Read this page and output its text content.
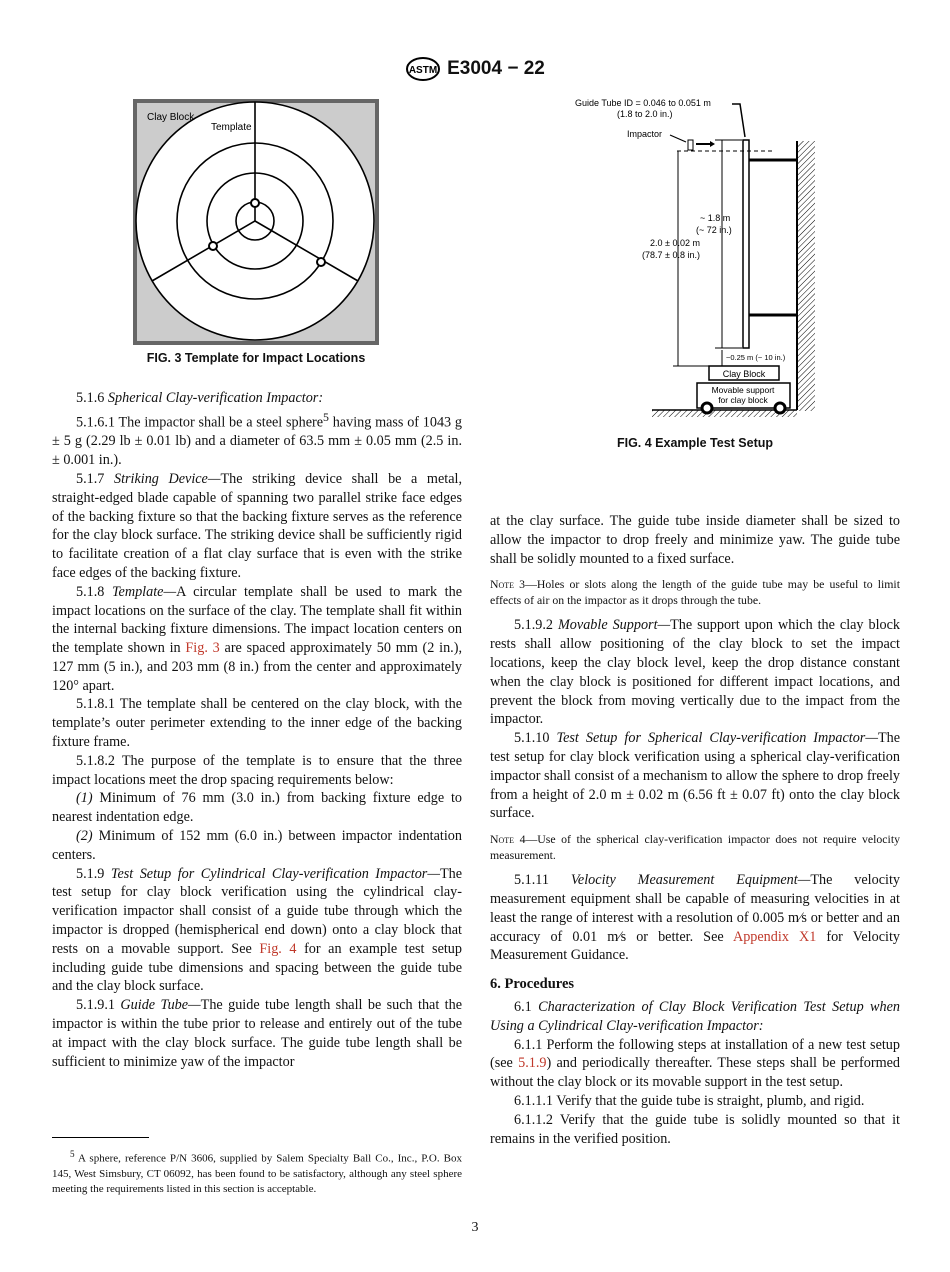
ASTM E3004 − 22
Clay Block
Template
FIG. 3 Template for Impact Locations
Guide Tube ID = 0.046 to 0.051 m
(1.8 to 2.0 in.)
Impactor
~ 1.8 m
(~ 72 in.)
2.0 ± 0.02 m
(78.7 ± 0.8 in.)
~0.25 m (~ 10 in.)
Clay Block
Movable support
for clay block
FIG. 4 Example Test Setup

5.1.6 Spherical Clay-verification Impactor:

5.1.6.1 The impactor shall be a steel sphere$^5$ having mass of 1043 g ± 5 g (2.29 lb ± 0.01 lb) and a diameter of 63.5 mm ± 0.05 mm (2.5 in. ± 0.001 in.).

5.1.7 Striking Device—The striking device shall be a metal, straight-edged blade capable of spanning two parallel strike face edges of the backing fixture so that the backing fixture serves as the reference for the clay block surface. The striking device shall be sufficiently rigid to facilitate creation of a flat clay surface that is even with the strike face edges of the backing fixture.

5.1.8 Template—A circular template shall be used to mark the impact locations on the surface of the clay. The template shall fit within the internal backing fixture dimensions. The impact location centers on the template shown in Fig. 3 are spaced approximately 50 mm (2 in.), 127 mm (5 in.), and 203 mm (8 in.) from the center and approximately 120° apart.

5.1.8.1 The template shall be centered on the clay block, with the template’s outer perimeter extending to the inner edge of the backing fixture frame.

5.1.8.2 The purpose of the template is to ensure that the three impact locations meet the drop spacing requirements below:

(1) Minimum of 76 mm (3.0 in.) from backing fixture edge to nearest indentation edge.

(2) Minimum of 152 mm (6.0 in.) between impactor indentation centers.

5.1.9 Test Setup for Cylindrical Clay-verification Impactor—The test setup for clay block verification using the cylindrical clay-verification impactor shall consist of a guide tube through which the impactor is dropped (hemispherical end down) onto a clay block that rests on a movable support. See Fig. 4 for an example test setup including guide tube dimensions and spacing between the guide tube and the clay block surface.

5.1.9.1 Guide Tube—The guide tube length shall be such that the impactor is within the tube prior to release and entirely out of the tube at impact with the clay block surface. The guide tube length shall be sufficient to minimize yaw of the impactor

at the clay surface. The guide tube inside diameter shall be sized to allow the impactor to drop freely and minimize yaw. The guide tube shall be solidly mounted to a fixed surface.

Note 3—Holes or slots along the length of the guide tube may be useful to limit effects of air on the impactor as it drops through the tube.

5.1.9.2 Movable Support—The support upon which the clay block rests shall allow positioning of the clay block to set the impact locations, keep the clay block level, keep the drop distance constant when the clay block is positioned for different impact locations, and prevent the block from moving vertically due to the impact from the impactor.

5.1.10 Test Setup for Spherical Clay-verification Impactor—The test setup for clay block verification using a spherical clay-verification impactor shall consist of a mechanism to allow the sphere to drop freely from a height of 2.0 m ± 0.02 m (6.56 ft ± 0.07 ft) onto the clay block surface.

Note 4—Use of the spherical clay-verification impactor does not require velocity measurement.

5.1.11 Velocity Measurement Equipment—The velocity measurement equipment shall be capable of measuring velocities in at least the range of interest with a resolution of 0.005 m⁄s or better and an accuracy of 0.01 m⁄s or better. See Appendix X1 for Velocity Measurement Guidance.

6. Procedures

6.1 Characterization of Clay Block Verification Test Setup when Using a Cylindrical Clay-verification Impactor:

6.1.1 Perform the following steps at installation of a new test setup (see 5.1.9) and periodically thereafter. These steps shall be performed without the clay block or its movable support in the test setup.

6.1.1.1 Verify that the guide tube is straight, plumb, and rigid.

6.1.1.2 Verify that the guide tube is solidly mounted so that it remains in the verified position.

$^5$ A sphere, reference P/N 3606, supplied by Salem Specialty Ball Co., Inc., P.O. Box 145, West Simsbury, CT 06092, has been found to be satisfactory, although any steel sphere meeting the requirements listed in this section is acceptable.
3
